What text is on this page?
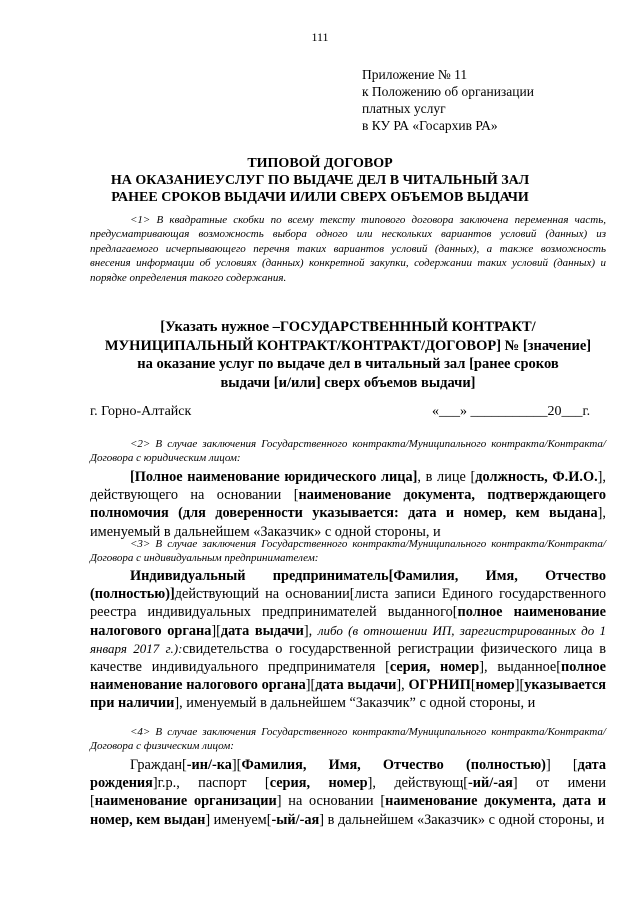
111
Приложение № 11
к Положению об организации
платных услуг
в КУ РА «Госархив РА»
ТИПОВОЙ ДОГОВОР
НА ОКАЗАНИЕУСЛУГ ПО ВЫДАЧЕ ДЕЛ В ЧИТАЛЬНЫЙ ЗАЛ
РАНЕЕ СРОКОВ ВЫДАЧИ И/ИЛИ СВЕРХ ОБЪЕМОВ ВЫДАЧИ
<1> В квадратные скобки по всему тексту типового договора заключена переменная часть, предусматривающая возможность выбора одного или нескольких вариантов условий (данных) из предлагаемого исчерпывающего перечня таких вариантов условий (данных), а также возможность внесения информации об условиях (данных) конкретной закупки, содержании таких условий (данных) и порядке определения такого содержания.
[Указать нужное –ГОСУДАРСТВЕНННЫЙ КОНТРАКТ/
МУНИЦИПАЛЬНЫЙ КОНТРАКТ/КОНТРАКТ/ДОГОВОР] № [значение]
на оказание услуг по выдаче дел в читальный зал [ранее сроков
выдачи [и/или] сверх объемов выдачи]
г. Горно-Алтайск	«___» ___________20___г.
<2> В случае заключения Государственного контракта/Муниципального контракта/Контракта/Договора с юридическим лицом:
[Полное наименование юридического лица], в лице [должность, Ф.И.О.], действующего на основании [наименование документа, подтверждающего полномочия (для доверенности указывается: дата и номер, кем выдана], именуемый в дальнейшем «Заказчик» с одной стороны, и
<3> В случае заключения Государственного контракта/Муниципального контракта/Контракта/Договора с индивидуальным предпринимателем:
Индивидуальный предприниматель[Фамилия, Имя, Отчество (полностью)]действующий на основании[листа записи Единого государственного реестра индивидуальных предпринимателей выданного[полное наименование налогового органа][дата выдачи], либо (в отношении ИП, зарегистрированных до 1 января 2017 г.):свидетельства о государственной регистрации физического лица в качестве индивидуального предпринимателя [серия, номер], выданное[полное наименование налогового органа][дата выдачи], ОГРНИП[номер][указывается при наличии], именуемый в дальнейшем “Заказчик” с одной стороны, и
<4> В случае заключения Государственного контракта/Муниципального контракта/Контракта/Договора с физическим лицом:
Граждан[-ин/-ка][Фамилия, Имя, Отчество (полностью)] [дата рождения]г.р., паспорт [серия, номер], действующ[-ий/-ая] от имени [наименование организации] на основании [наименование документа, дата и номер, кем выдан] именуем[-ый/-ая] в дальнейшем «Заказчик» с одной стороны, и
